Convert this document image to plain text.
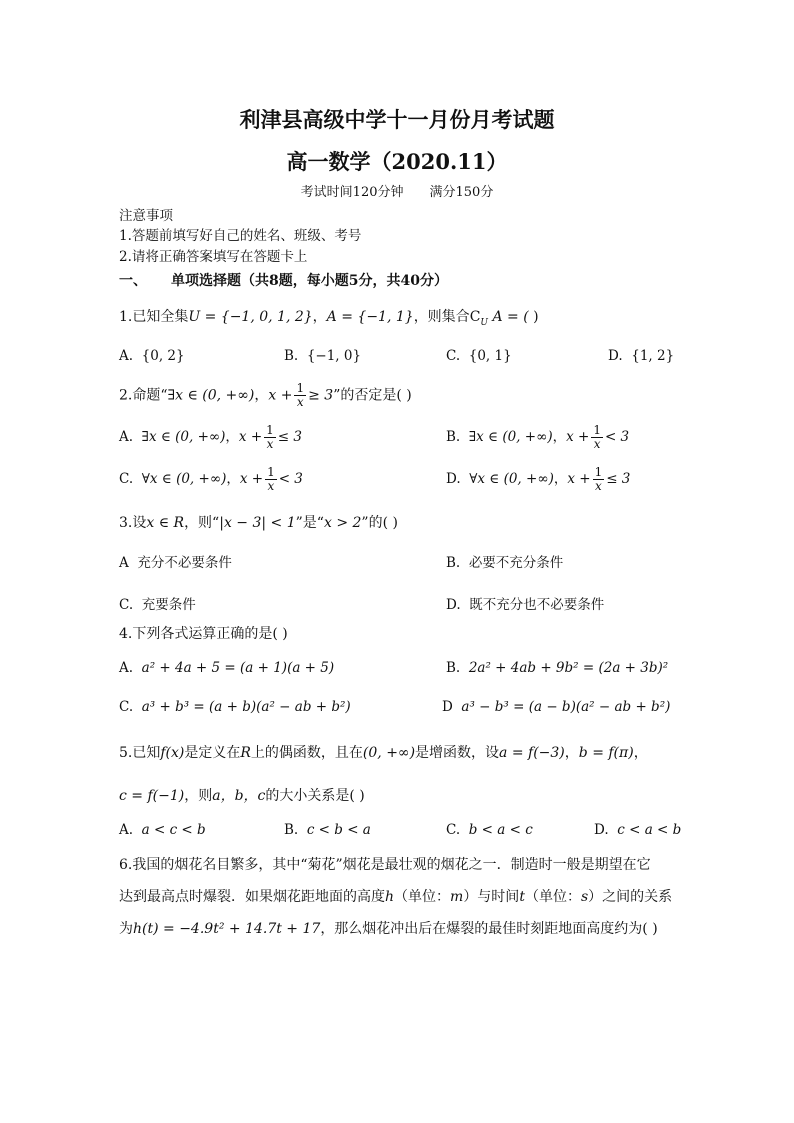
利津县高级中学十一月份月考试题
高一数学（2020.11）
考试时间120分钟 满分150分
注意事项
1.答题前填写好自己的姓名、班级、考号
2.请将正确答案填写在答题卡上
一、 单项选择题（共8题，每小题5分，共40分）
1.已知全集U = {−1, 0, 1, 2}，A = {−1, 1}，则集合$C_U$ A = ( )
A. {0, 2}	B. {−1, 0}	C. {0, 1}	D. {1, 2}
2.命题“∃x ∈ (0, +∞)，$x + \frac{1}{x} \ge 3$”的否定是( )
A. ∃x ∈ (0, +∞)，$x + \frac{1}{x} \le 3$	B. ∃x ∈ (0, +∞)，$x + \frac{1}{x} < 3$
C. ∀x ∈ (0, +∞)，$x + \frac{1}{x} < 3$	D. ∀x ∈ (0, +∞)，$x + \frac{1}{x} \le 3$
3.设x ∈ R，则“|x − 3| < 1”是“x > 2”的( )
A 充分不必要条件	B. 必要不充分条件
C. 充要条件	D. 既不充分也不必要条件
4.下列各式运算正确的是( )
A. a² + 4a + 5 = (a + 1)(a + 5)	B. 2a² + 4ab + 9b² = (2a + 3b)²
C. a³ + b³ = (a + b)(a² − ab + b²)	D a³ − b³ = (a − b)(a² − ab + b²)
5.已知f(x)是定义在R上的偶函数，且在(0, +∞)是增函数，设a = f(−3)，b = f(π)，
c = f(−1)，则a，b，c的大小关系是( )
A. a < c < b	B. c < b < a	C. b < a < c	D. c < a < b
6.我国的烟花名目繁多，其中“菊花”烟花是最壮观的烟花之一．制造时一般是期望在它
达到最高点时爆裂．如果烟花距地面的高度h（单位：m）与时间t（单位：s）之间的关系
为h(t) = −4.9t² + 14.7t + 17，那么烟花冲出后在爆裂的最佳时刻距地面高度约为( )
